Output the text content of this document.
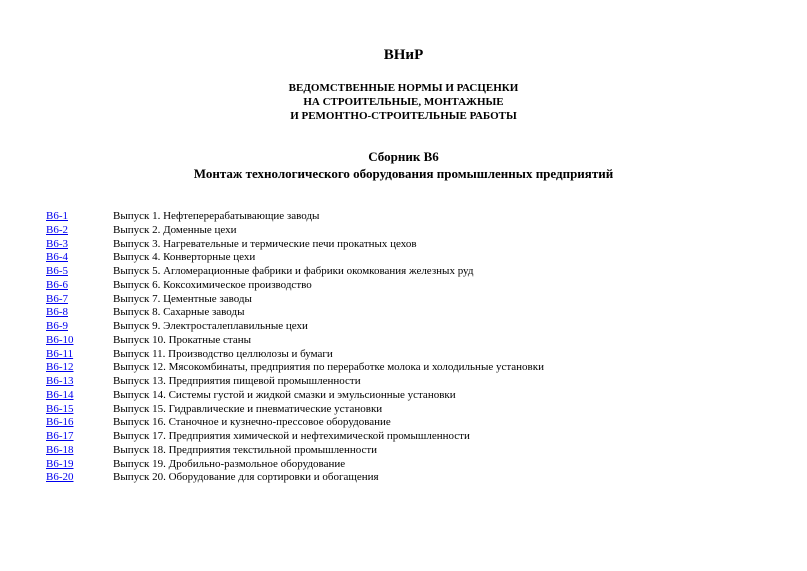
ВНиР
ВЕДОМСТВЕННЫЕ НОРМЫ И РАСЦЕНКИ
НА СТРОИТЕЛЬНЫЕ, МОНТАЖНЫЕ
И РЕМОНТНО-СТРОИТЕЛЬНЫЕ РАБОТЫ
Сборник В6
Монтаж технологического оборудования промышленных предприятий
В6-1	Выпуск 1. Нефтеперерабатывающие заводы
В6-2	Выпуск 2. Доменные цехи
В6-3	Выпуск 3. Нагревательные и термические печи прокатных цехов
В6-4	Выпуск 4. Конверторные цехи
В6-5	Выпуск 5. Агломерационные фабрики и фабрики окомкования железных руд
В6-6	Выпуск 6. Коксохимическое производство
В6-7	Выпуск 7. Цементные заводы
В6-8	Выпуск 8. Сахарные заводы
В6-9	Выпуск 9. Электросталеплавильные цехи
В6-10	Выпуск 10. Прокатные станы
В6-11	Выпуск 11. Производство целлюлозы и бумаги
В6-12	Выпуск 12. Мясокомбинаты, предприятия по переработке молока и холодильные установки
В6-13	Выпуск 13. Предприятия пищевой промышленности
В6-14	Выпуск 14. Системы густой и жидкой смазки и эмульсионные установки
В6-15	Выпуск 15. Гидравлические и пневматические установки
В6-16	Выпуск 16. Станочное и кузнечно-прессовое оборудование
В6-17	Выпуск 17. Предприятия химической и нефтехимической промышленности
В6-18	Выпуск 18. Предприятия текстильной промышленности
В6-19	Выпуск 19. Дробильно-размольное оборудование
В6-20	Выпуск 20. Оборудование для сортировки и обогащения
